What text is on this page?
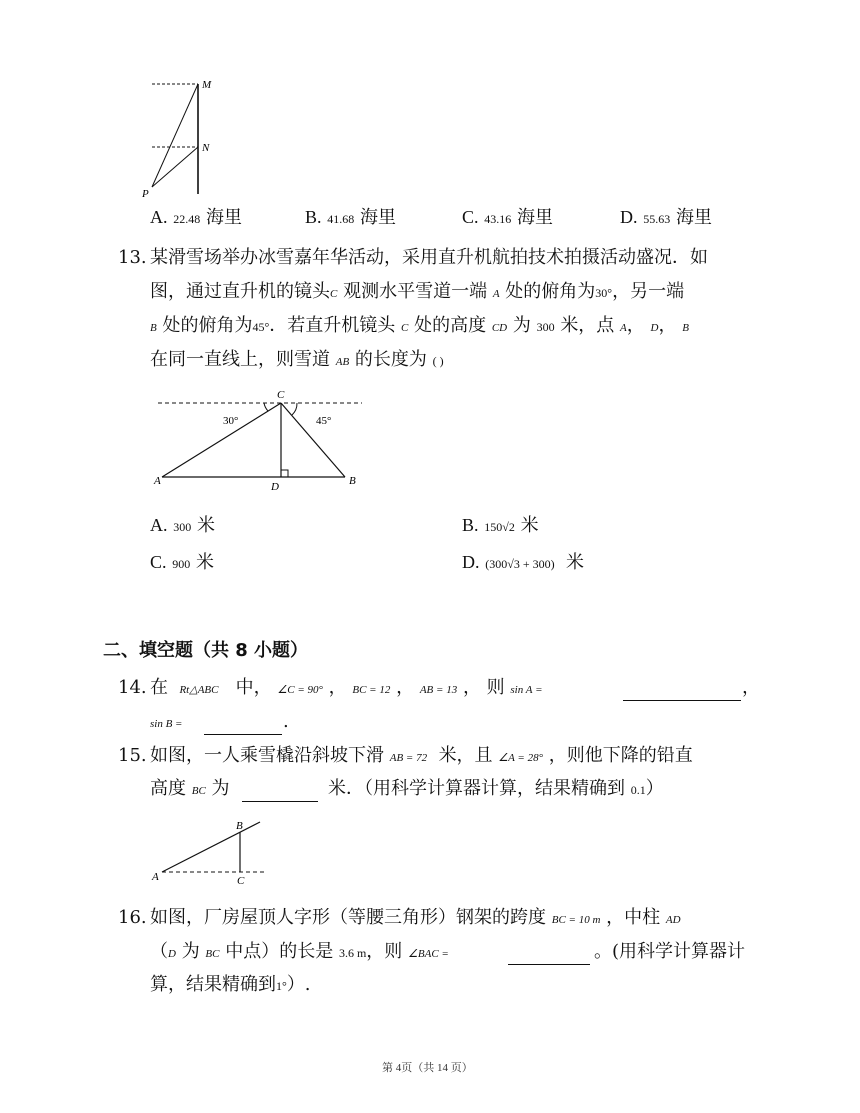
M
N
P
A. 22.48 海里	B. 41.68 海里	C. 43.16 海里	D. 55.63 海里
13. 某滑雪场举办冰雪嘉年华活动，采用直升机航拍技术拍摄活动盛况．如
图，通过直升机的镜头C 观测水平雪道一端 A 处的俯角为30°，另一端
B 处的俯角为45°．若直升机镜头 C 处的高度 CD 为 300 米，点 A， D， B
在同一直线上，则雪道 AB 的长度为 ( )
C
30°	45°
A	D	B
A. 300 米	B. 150√2 米
C. 900 米	D. (300√3 + 300) 米
二、填空题（共 8 小题）
14. 在 Rt△ABC 中， ∠C = 90° ， BC = 12 ， AB = 13 ， 则 sin A =	，
sin B =	.
15. 如图，一人乘雪橇沿斜坡下滑 AB = 72 米，且 ∠A = 28° ，则他下降的铅直
高度 BC 为	米．（用科学计算器计算，结果精确到 0.1）
B
A	C
16. 如图，厂房屋顶人字形（等腰三角形）钢架的跨度 BC = 10 m ，中柱 AD
（D 为 BC 中点）的长是 3.6 m，则 ∠BAC =	。(用科学计算器计
算，结果精确到1°）.
第 4页（共 14 页）
